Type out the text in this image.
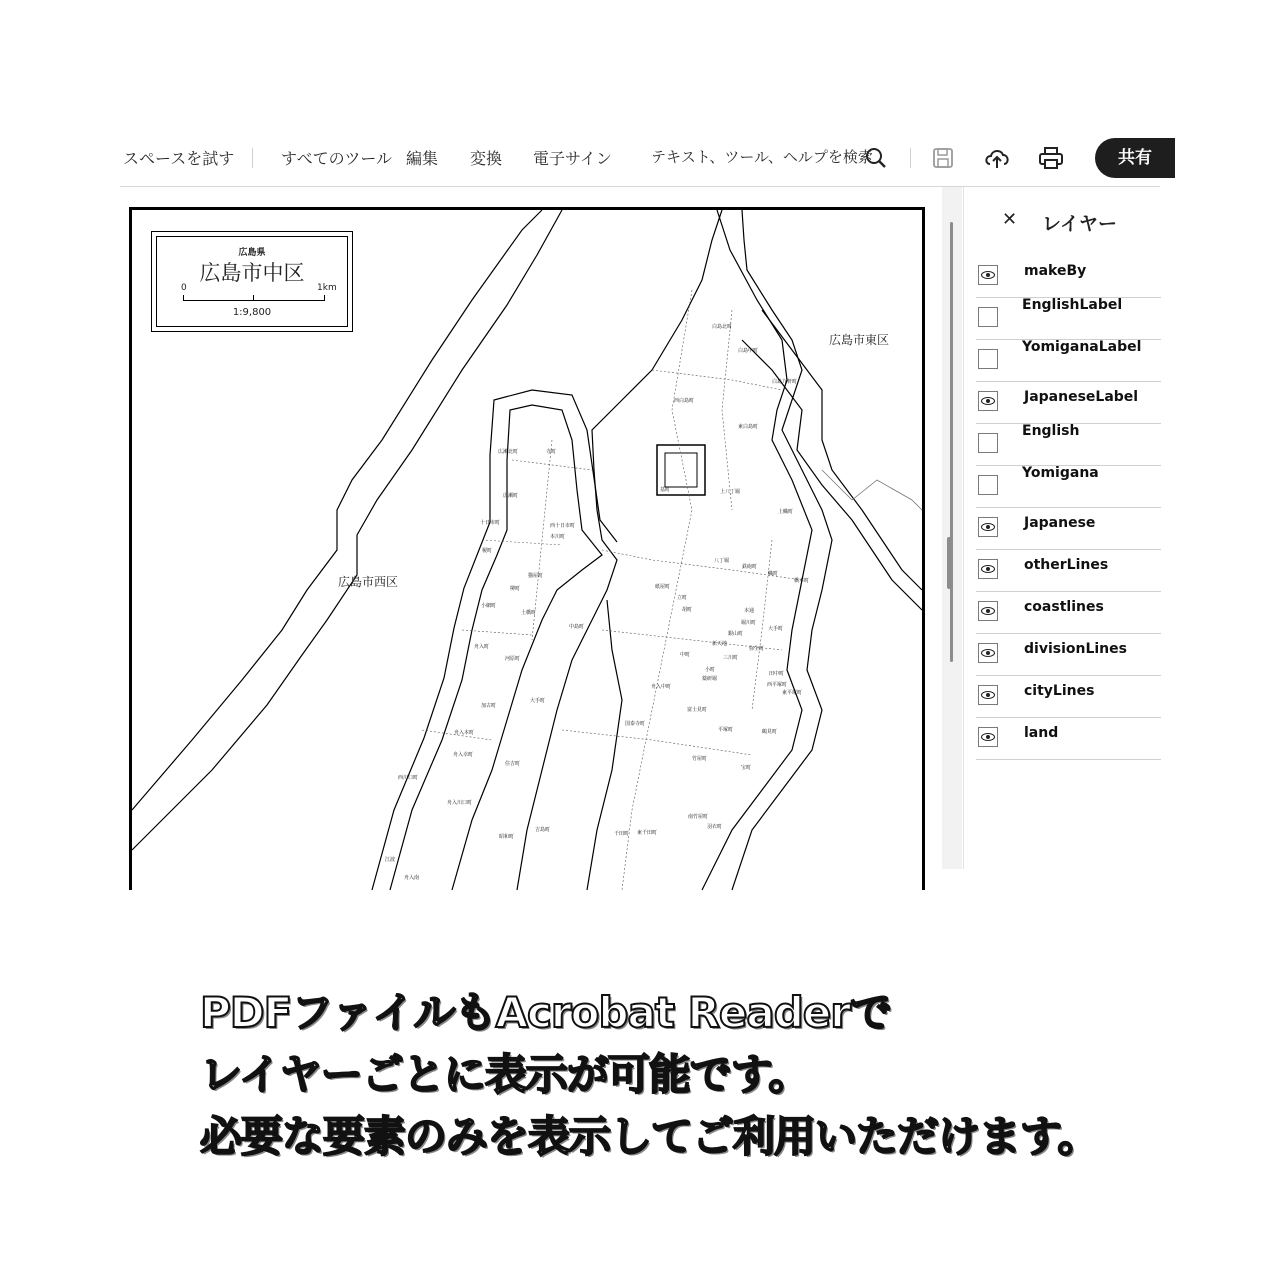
スペースを試す	すべてのツール 編集 変換 電子サイン	テキスト、ツール、ヘルプを検索	共有
広島県
広島市中区
0	1km
1:9,800
広島市東区
広島市西区
白島北町
白島中町
白島九軒町
西白島町
東白島町
基町	上八丁堀
上幟町
広瀬北町	寺町
広瀬町
十日市町	西十日市町
本川町
榎町
猫屋町
堺町
小網町
土橋町
中島町
舟入町
河原町
八丁堀
鉄砲町
幟町
橋本町
紙屋町
立町
胡町	本通
堀川町
銀山町
大手町
新天地
弥生町
中町	三川町
薬研堀
小町
田中町
西平塚町
舟入中町
加古町
大手町
富士見町
東平塚町
舟入本町
国泰寺町
平塚町	鶴見町
舟入幸町
住吉町
竹屋町
宝町
西川口町
舟入川口町
南竹屋町
昭和町
吉島町
千田町 東千田町
羽衣町
江波
舟入南
✕ レイヤー
makeBy
EnglishLabel
YomiganaLabel
JapaneseLabel
English
Yomigana
Japanese
otherLines
coastlines
divisionLines
cityLines
land
PDFファイルもAcrobat Readerで
レイヤーごとに表示が可能です。
必要な要素のみを表示してご利用いただけます。
